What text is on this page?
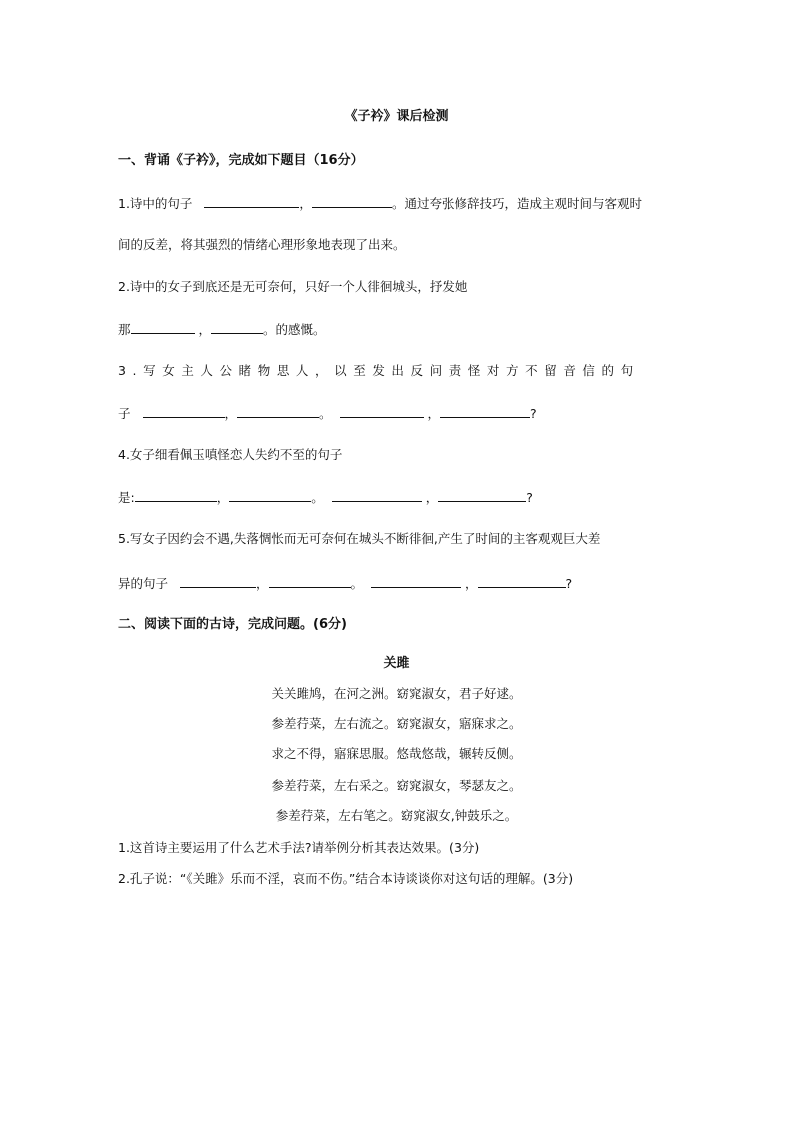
《子衿》课后检测
一、背诵《子衿》，完成如下题目（16分）
1.诗中的句子	，	。通过夸张修辞技巧，造成主观时间与客观时
间的反差，将其强烈的情绪心理形象地表现了出来。
2.诗中的女子到底还是无可奈何，只好一个人徘徊城头，抒发她
那	，	。的感慨。
3.写女主人公睹物思人，以至发出反问责怪对方不留音信的句
子	，	。	，	?
4.女子细看佩玉嗔怪恋人失约不至的句子
是:	，	。	，	?
5.写女子因约会不遇,失落惆怅而无可奈何在城头不断徘徊,产生了时间的主客观观巨大差
异的句子	，	。	，	?
二、阅读下面的古诗，完成问题。(6分)
关雎
关关雎鸠，在河之洲。窈窕淑女，君子好逑。
参差荇菜，左右流之。窈窕淑女，寤寐求之。
求之不得，寤寐思服。悠哉悠哉，辗转反侧。
参差荇菜，左右采之。窈窕淑女，琴瑟友之。
参差荇菜，左右笔之。窈窕淑女,钟鼓乐之。
1.这首诗主要运用了什么艺术手法?请举例分析其表达效果。(3分)
2.孔子说：“《关雎》乐而不淫，哀而不伤。”结合本诗谈谈你对这句话的理解。(3分)
